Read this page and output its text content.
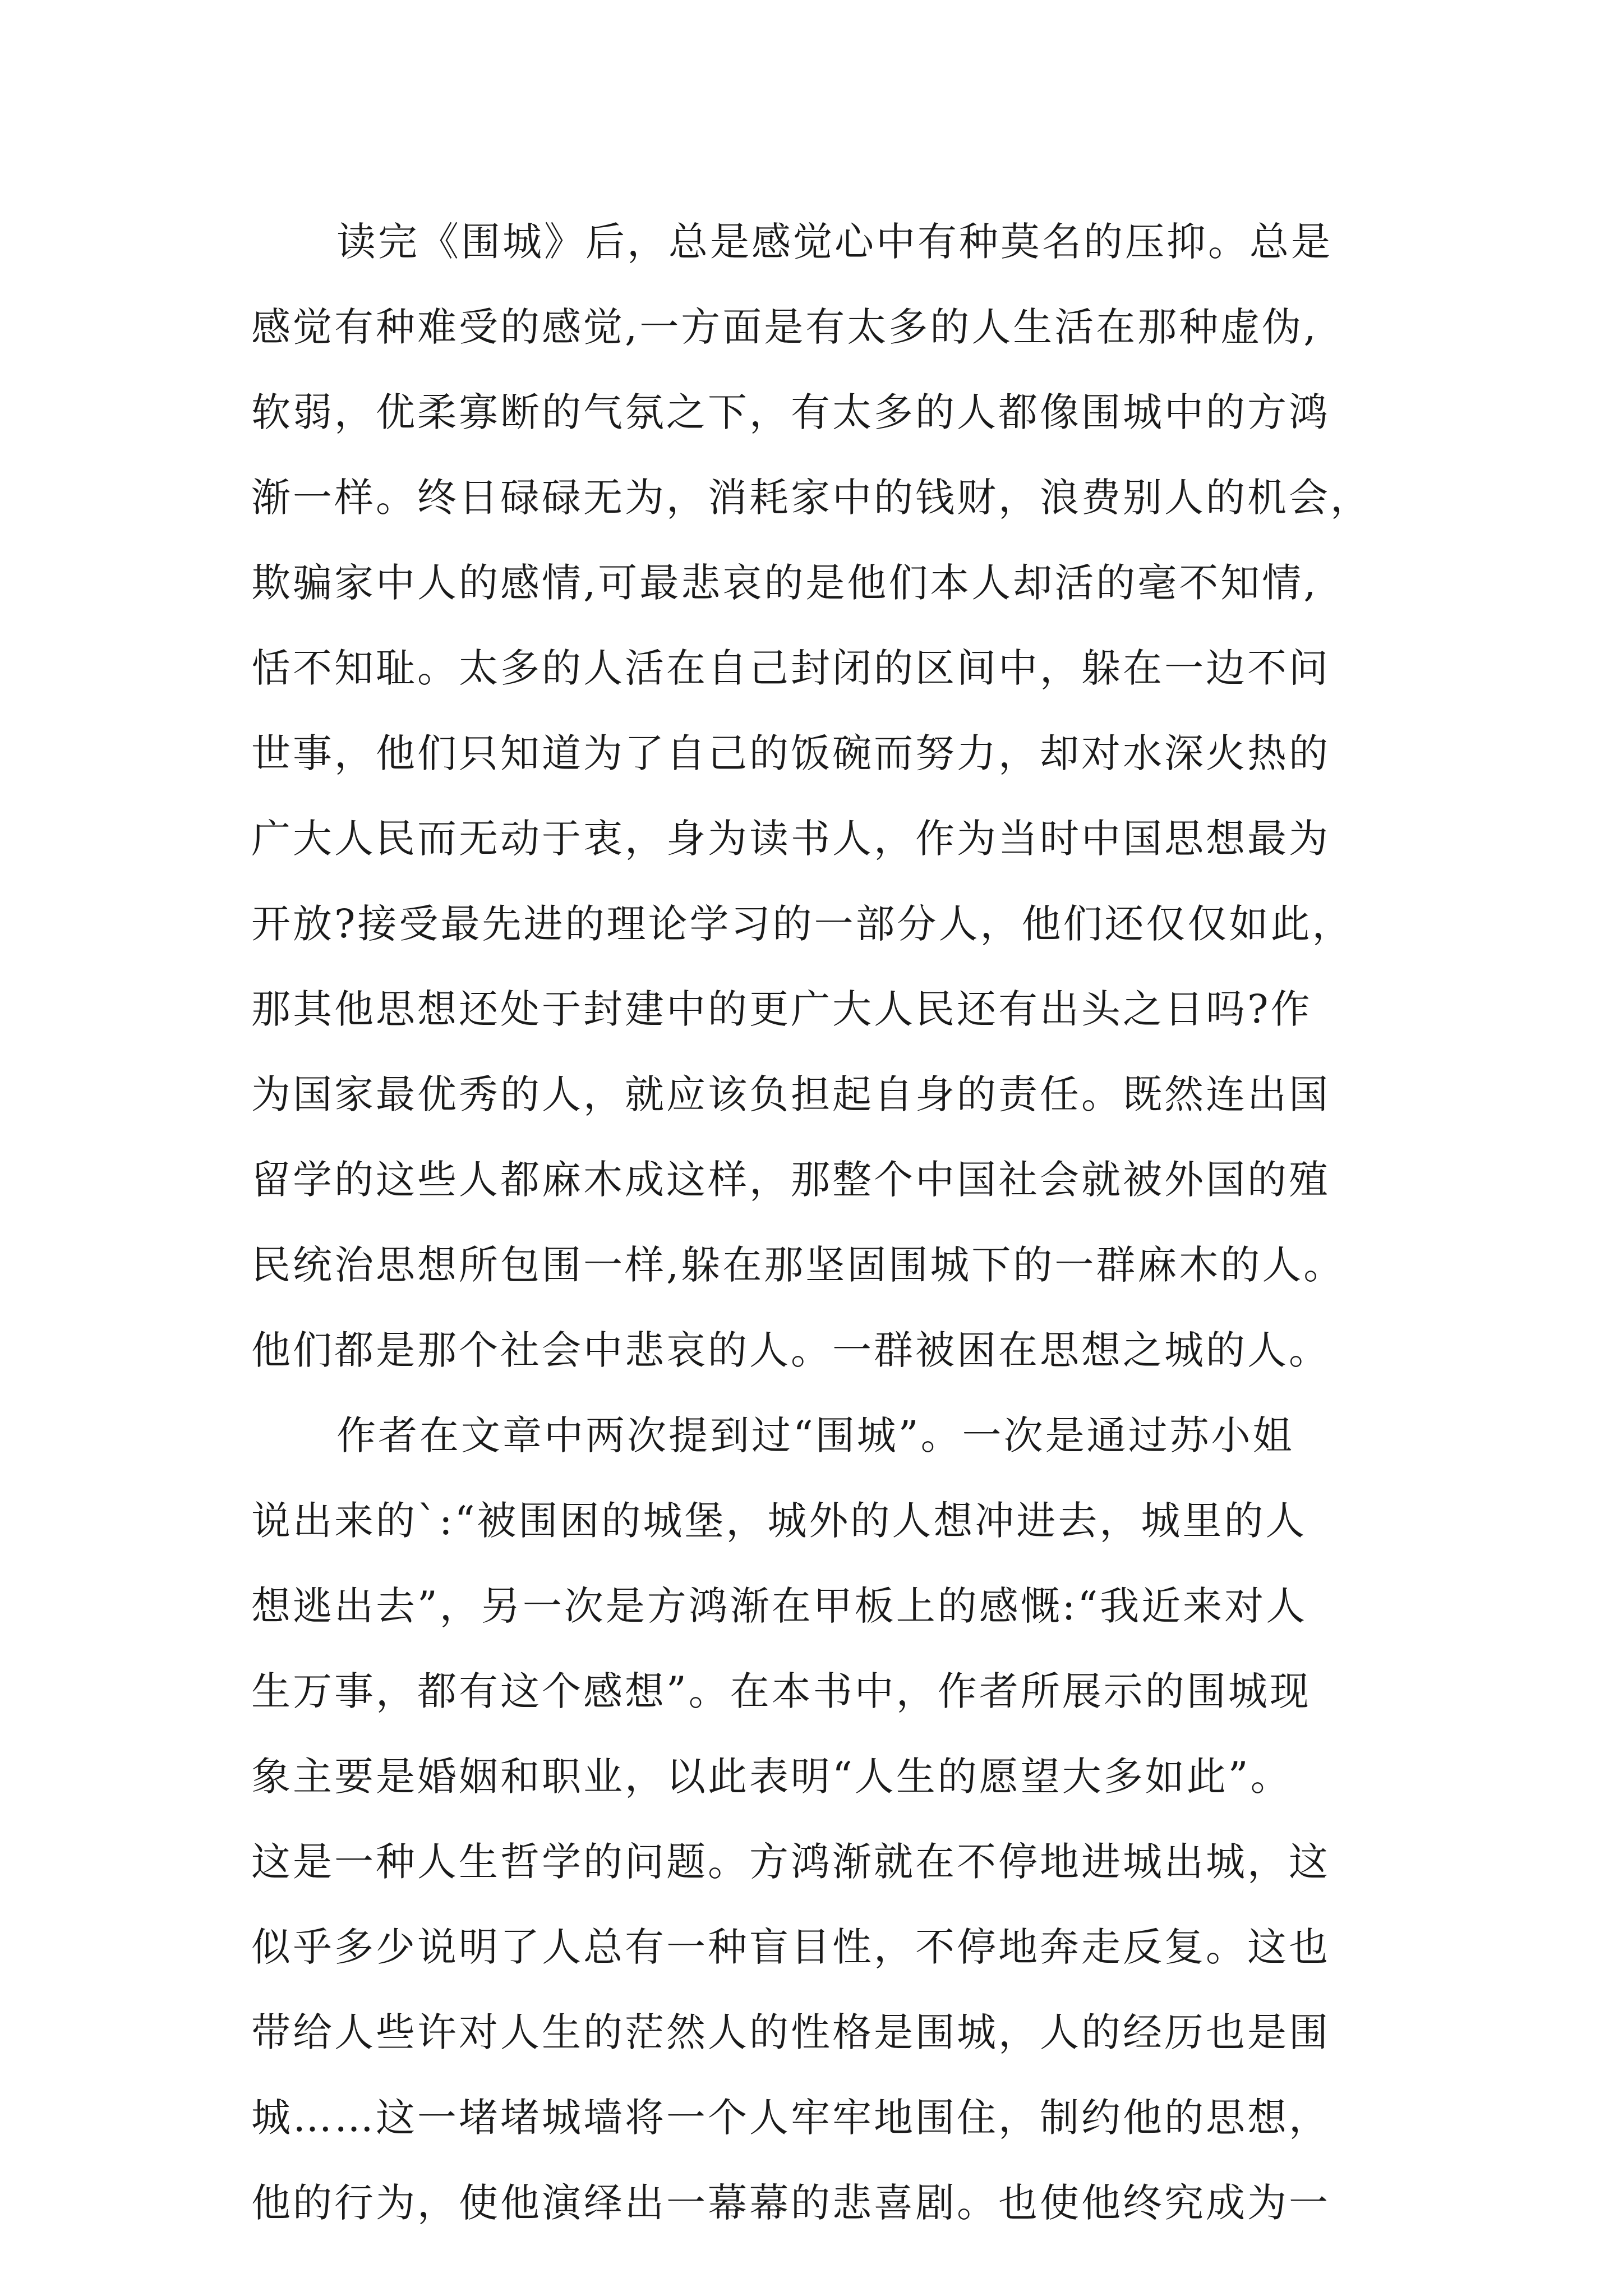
读完《围城》后，总是感觉心中有种莫名的压抑。总是
感觉有种难受的感觉,一方面是有太多的人生活在那种虚伪,
软弱，优柔寡断的气氛之下，有太多的人都像围城中的方鸿
渐一样。终日碌碌无为，消耗家中的钱财，浪费别人的机会，
欺骗家中人的感情,可最悲哀的是他们本人却活的毫不知情,
恬不知耻。太多的人活在自己封闭的区间中，躲在一边不问
世事，他们只知道为了自己的饭碗而努力，却对水深火热的
广大人民而无动于衷，身为读书人，作为当时中国思想最为
开放?接受最先进的理论学习的一部分人，他们还仅仅如此，
那其他思想还处于封建中的更广大人民还有出头之日吗?作
为国家最优秀的人，就应该负担起自身的责任。既然连出国
留学的这些人都麻木成这样，那整个中国社会就被外国的殖
民统治思想所包围一样,躲在那坚固围城下的一群麻木的人。
他们都是那个社会中悲哀的人。一群被困在思想之城的人。
作者在文章中两次提到过“围城”。一次是通过苏小姐
说出来的`:“被围困的城堡，城外的人想冲进去，城里的人
想逃出去”，另一次是方鸿渐在甲板上的感慨:“我近来对人
生万事，都有这个感想”。在本书中，作者所展示的围城现
象主要是婚姻和职业，以此表明“人生的愿望大多如此”。
这是一种人生哲学的问题。方鸿渐就在不停地进城出城，这
似乎多少说明了人总有一种盲目性，不停地奔走反复。这也
带给人些许对人生的茫然人的性格是围城，人的经历也是围
城……这一堵堵城墙将一个人牢牢地围住，制约他的思想，
他的行为，使他演绎出一幕幕的悲喜剧。也使他终究成为一
